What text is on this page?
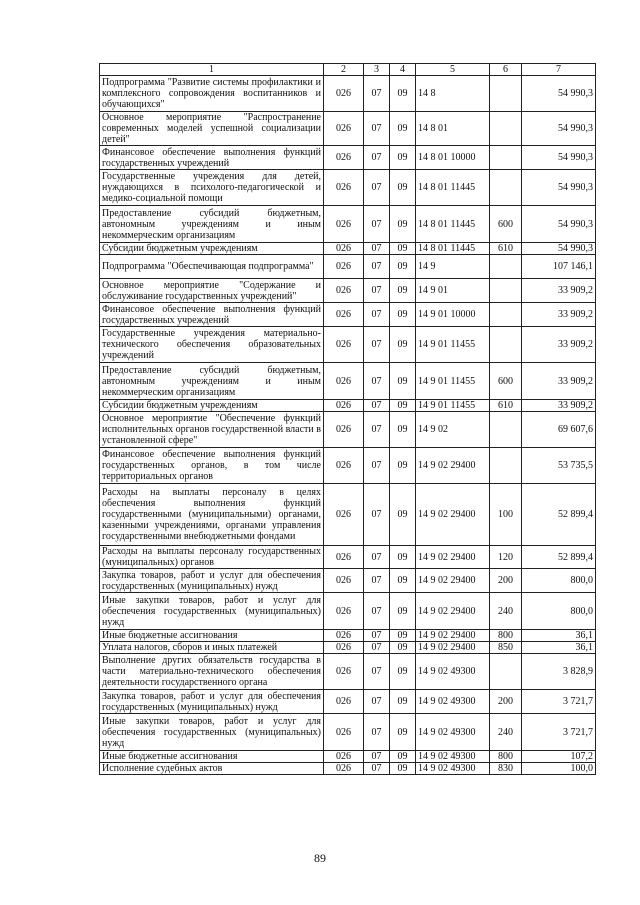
1	2	3	4	5	6	7
Подпрограмма "Развитие системы профилактики и комплексного сопровождения воспитанников и обучающихся"	026	07	09	14 8		54 990,3
Основное мероприятие "Распространение современных моделей успешной социализации детей"	026	07	09	14 8 01		54 990,3
Финансовое обеспечение выполнения функций государственных учреждений	026	07	09	14 8 01 10000		54 990,3
Государственные учреждения для детей, нуждающихся в психолого-педагогической и медико-социальной помощи	026	07	09	14 8 01 11445		54 990,3
Предоставление субсидий бюджетным, автономным учреждениям и иным некоммерческим организациям	026	07	09	14 8 01 11445	600	54 990,3
Субсидии бюджетным учреждениям	026	07	09	14 8 01 11445	610	54 990,3
Подпрограмма "Обеспечивающая подпрограмма"	026	07	09	14 9		107 146,1
Основное мероприятие "Содержание и обслуживание государственных учреждений"	026	07	09	14 9 01		33 909,2
Финансовое обеспечение выполнения функций государственных учреждений	026	07	09	14 9 01 10000		33 909,2
Государственные учреждения материально-технического обеспечения образовательных учреждений	026	07	09	14 9 01 11455		33 909,2
Предоставление субсидий бюджетным, автономным учреждениям и иным некоммерческим организациям	026	07	09	14 9 01 11455	600	33 909,2
Субсидии бюджетным учреждениям	026	07	09	14 9 01 11455	610	33 909,2
Основное мероприятие "Обеспечение функций исполнительных органов государственной власти в установленной сфере"	026	07	09	14 9 02		69 607,6
Финансовое обеспечение выполнения функций государственных органов, в том числе территориальных органов	026	07	09	14 9 02 29400		53 735,5
Расходы на выплаты персоналу в целях обеспечения выполнения функций государственными (муниципальными) органами, казенными учреждениями, органами управления государственными внебюджетными фондами	026	07	09	14 9 02 29400	100	52 899,4
Расходы на выплаты персоналу государственных (муниципальных) органов	026	07	09	14 9 02 29400	120	52 899,4
Закупка товаров, работ и услуг для обеспечения государственных (муниципальных) нужд	026	07	09	14 9 02 29400	200	800,0
Иные закупки товаров, работ и услуг для обеспечения государственных (муниципальных) нужд	026	07	09	14 9 02 29400	240	800,0
Иные бюджетные ассигнования	026	07	09	14 9 02 29400	800	36,1
Уплата налогов, сборов и иных платежей	026	07	09	14 9 02 29400	850	36,1
Выполнение других обязательств государства в части материально-технического обеспечения деятельности государственного органа	026	07	09	14 9 02 49300		3 828,9
Закупка товаров, работ и услуг для обеспечения государственных (муниципальных) нужд	026	07	09	14 9 02 49300	200	3 721,7
Иные закупки товаров, работ и услуг для обеспечения государственных (муниципальных) нужд	026	07	09	14 9 02 49300	240	3 721,7
Иные бюджетные ассигнования	026	07	09	14 9 02 49300	800	107,2
Исполнение судебных актов	026	07	09	14 9 02 49300	830	100,0
89
